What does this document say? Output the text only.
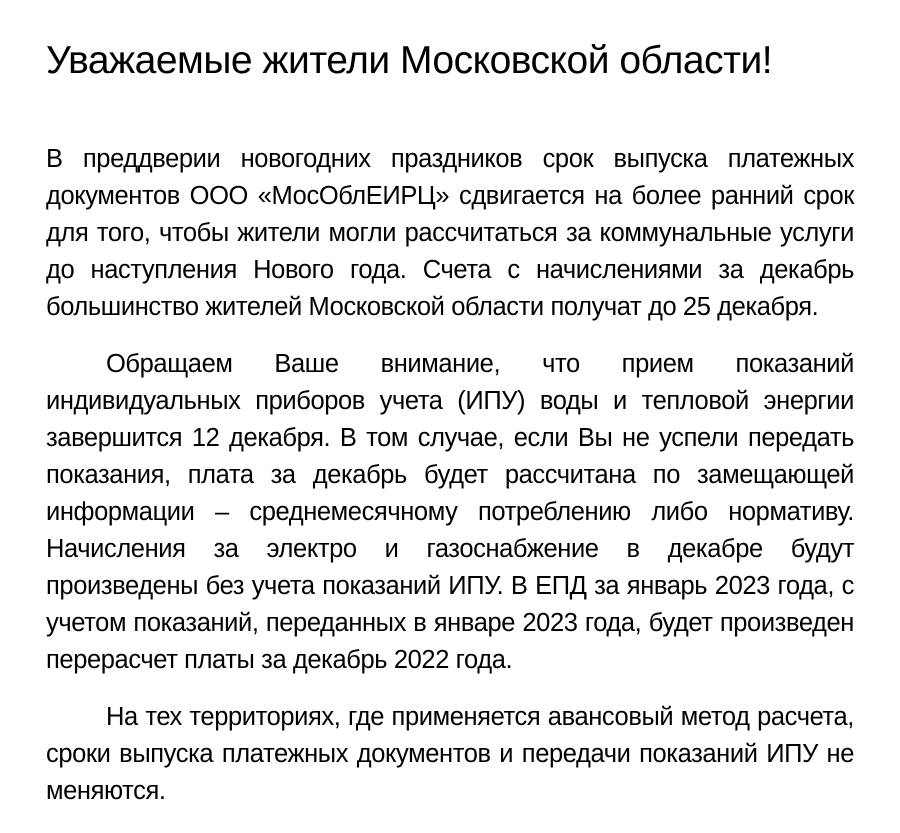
Уважаемые жители Московской области!

В преддверии новогодних праздников срок выпуска платежных документов ООО «МосОблЕИРЦ» сдвигается на более ранний срок для того, чтобы жители могли рассчитаться за коммунальные услуги до наступления Нового года. Счета с начислениями за декабрь большинство жителей Московской области получат до 25 декабря.

Обращаем Ваше внимание, что прием показаний индивидуальных приборов учета (ИПУ) воды и тепловой энергии завершится 12 декабря. В том случае, если Вы не успели передать показания, плата за декабрь будет рассчитана по замещающей информации – среднемесячному потреблению либо нормативу. Начисления за электро и газоснабжение в декабре будут произведены без учета показаний ИПУ. В ЕПД за январь 2023 года, с учетом показаний, переданных в январе 2023 года, будет произведен перерасчет платы за декабрь 2022 года.

На тех территориях, где применяется авансовый метод расчета, сроки выпуска платежных документов и передачи показаний ИПУ не меняются.
